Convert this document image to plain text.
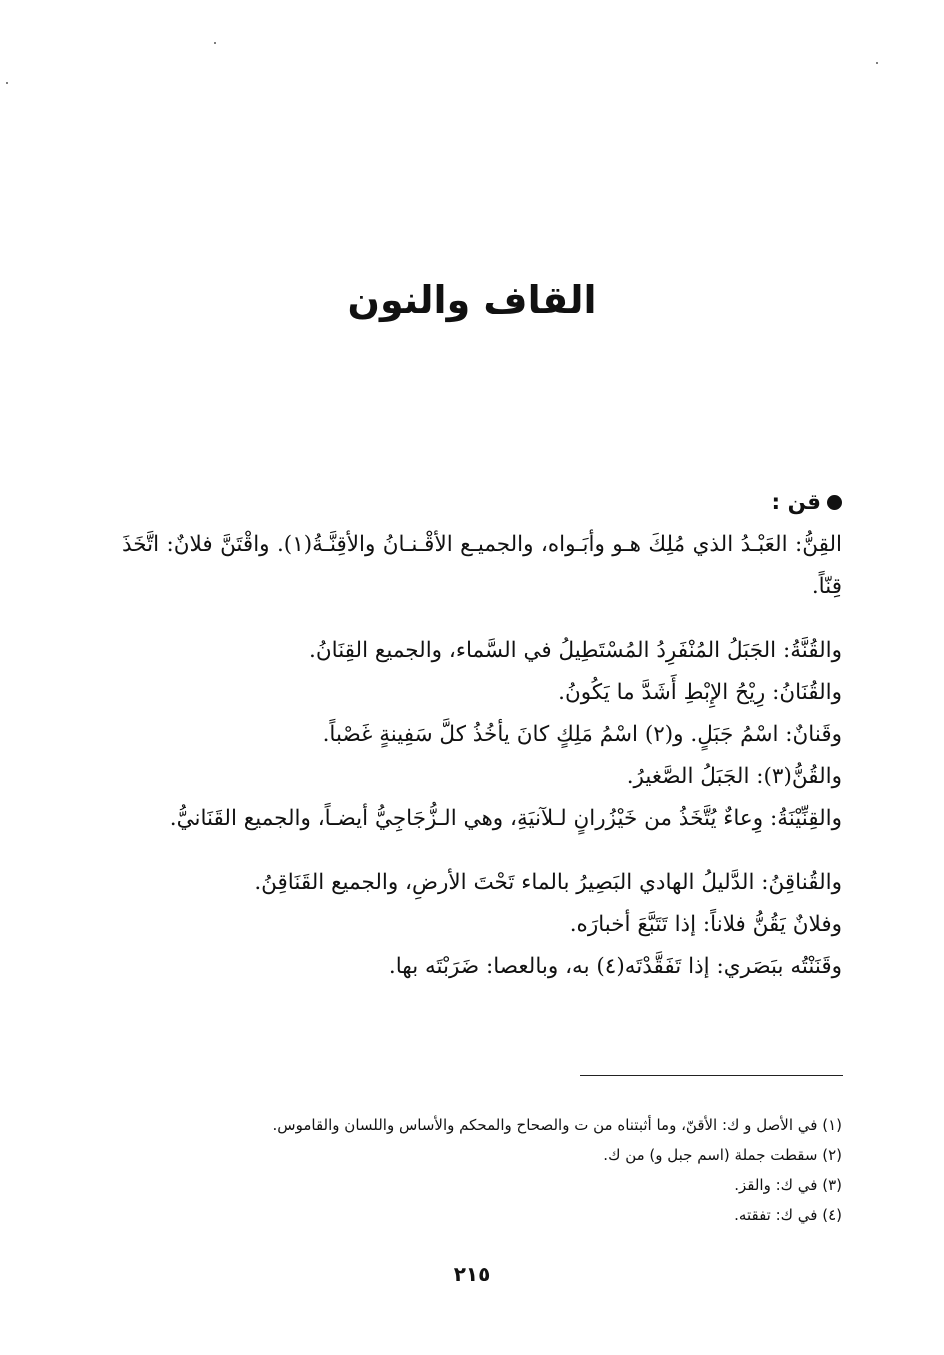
القاف والنون
قن :
القِنُّ: العَبْـدُ الذي مُلِكَ هـو وأبَـواه، والجميـع الأقْـنـانُ والأقِنَّـةُ(١). واقْتَنَّ فلانٌ: اتَّخَذَ قِنّاً.
والقُنَّةُ: الجَبَلُ المُنْفَرِدُ المُسْتَطِيلُ في السَّماء، والجميع القِنَانُ.
والقُنَانُ: رِيْحُ الإِبْطِ أَشَدَّ ما يَكُونُ.
وقَنانٌ: اسْمُ جَبَلٍ. و(٢) اسْمُ مَلِكٍ كانَ يأخُذُ كلَّ سَفِينةٍ غَصْباً.
والقُنُّ(٣): الجَبَلُ الصَّغيرُ.
والقِنِّيْنَةُ: وِعاءٌ يُتَّخَذُ من خَيْزُرانٍ لـلآنيَةِ، وهي الـزُّجَاجِيُّ أيضـاً، والجميع القَنَانيُّ.
والقُناقِنُ: الدَّليلُ الهادي البَصِيرُ بالماء تَحْتَ الأرضِ، والجميع القَنَاقِنُ.
وفلانٌ يَقُنُّ فلاناً: إذا تَتَبَّعَ أخبارَه.
وقَنَنْتُه ببَصَري: إذا تَفَقَّدْتَه(٤) به، وبالعصا: ضَرَبْتَه بها.
(١) في الأصل و ك: الأقنّ، وما أثبتناه من ت والصحاح والمحكم والأساس واللسان والقاموس.
(٢) سقطت جملة (اسم جبل و) من ك.
(٣) في ك: والقز.
(٤) في ك: تفقته.
٢١٥
